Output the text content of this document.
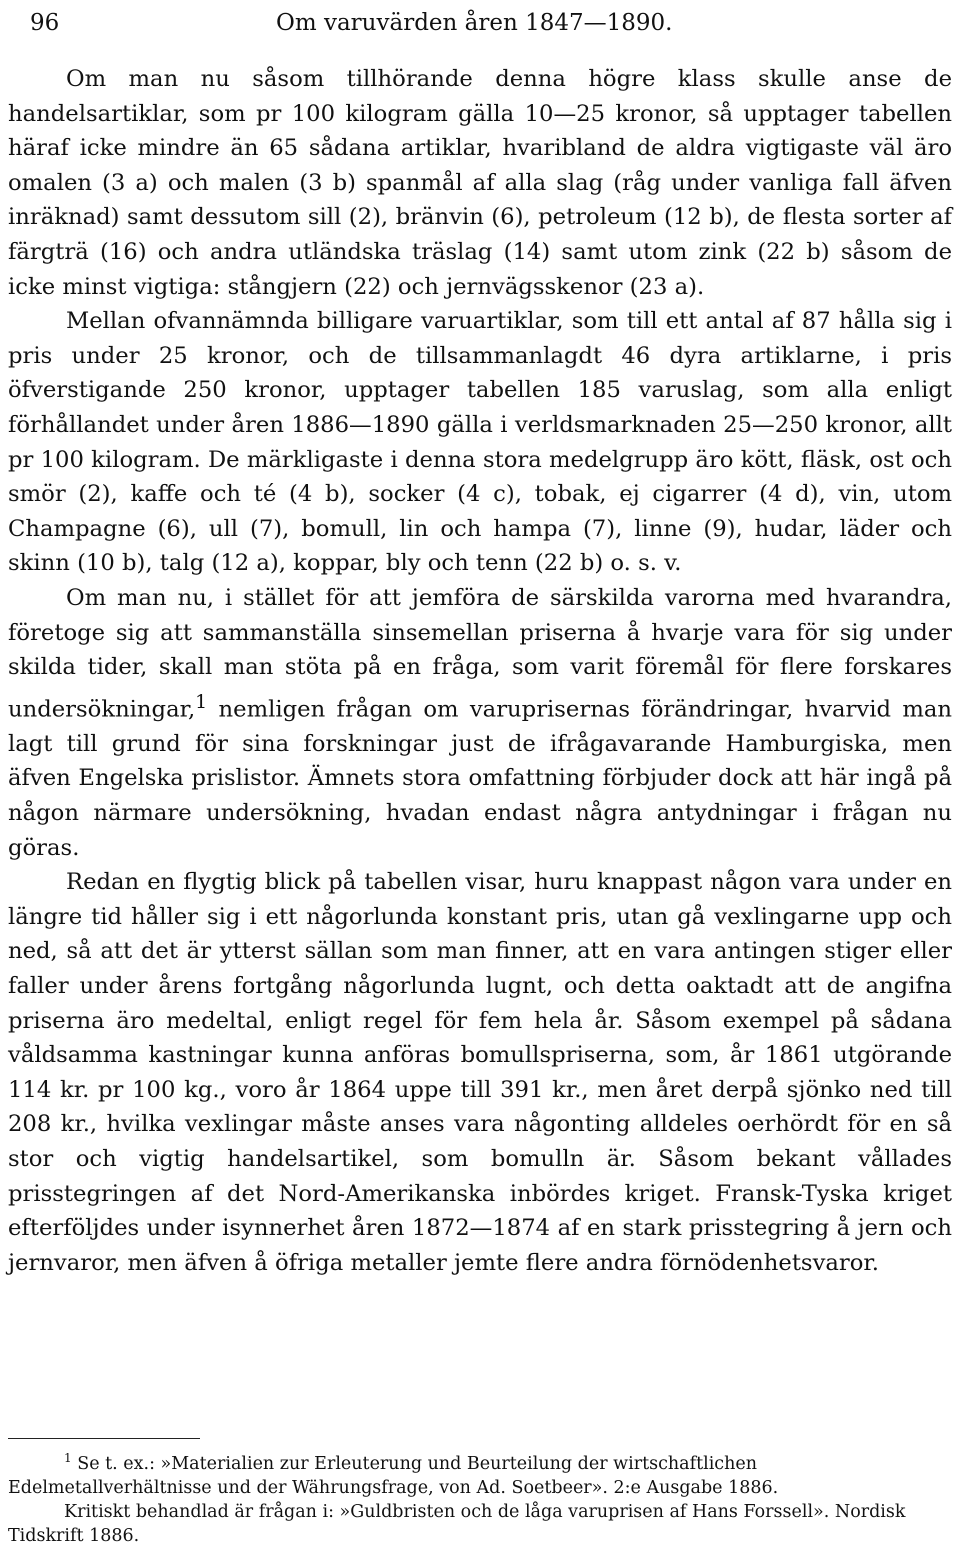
96	Om varuvärden åren 1847—1890.

Om man nu såsom tillhörande denna högre klass skulle anse de handelsartiklar, som pr 100 kilogram gälla 10—25 kronor, så upptager tabellen häraf icke mindre än 65 sådana artiklar, hvaribland de aldra vigtigaste väl äro omalen (3 a) och malen (3 b) spanmål af alla slag (råg under vanliga fall äfven inräknad) samt dessutom sill (2), bränvin (6), petroleum (12 b), de flesta sorter af färgträ (16) och andra utländska träslag (14) samt utom zink (22 b) såsom de icke minst vigtiga: stångjern (22) och jernvägsskenor (23 a).

Mellan ofvannämnda billigare varuartiklar, som till ett antal af 87 hålla sig i pris under 25 kronor, och de tillsammanlagdt 46 dyra artiklarne, i pris öfverstigande 250 kronor, upptager tabellen 185 varuslag, som alla enligt förhållandet under åren 1886—1890 gälla i verldsmarknaden 25—250 kronor, allt pr 100 kilogram. De märkligaste i denna stora medelgrupp äro kött, fläsk, ost och smör (2), kaffe och té (4 b), socker (4 c), tobak, ej cigarrer (4 d), vin, utom Champagne (6), ull (7), bomull, lin och hampa (7), linne (9), hudar, läder och skinn (10 b), talg (12 a), koppar, bly och tenn (22 b) o. s. v.

Om man nu, i stället för att jemföra de särskilda varorna med hvarandra, företoge sig att sammanställa sinsemellan priserna å hvarje vara för sig under skilda tider, skall man stöta på en fråga, som varit föremål för flere forskares undersökningar,$^1$ nemligen frågan om varuprisernas förändringar, hvarvid man lagt till grund för sina forskningar just de ifrågavarande Hamburgiska, men äfven Engelska prislistor. Ämnets stora omfattning förbjuder dock att här ingå på någon närmare undersökning, hvadan endast några antydningar i frågan nu göras.

Redan en flygtig blick på tabellen visar, huru knappast någon vara under en längre tid håller sig i ett någorlunda konstant pris, utan gå vexlingarne upp och ned, så att det är ytterst sällan som man finner, att en vara antingen stiger eller faller under årens fortgång någorlunda lugnt, och detta oaktadt att de angifna priserna äro medeltal, enligt regel för fem hela år. Såsom exempel på sådana våldsamma kastningar kunna anföras bomullspriserna, som, år 1861 utgörande 114 kr. pr 100 kg., voro år 1864 uppe till 391 kr., men året derpå sjönko ned till 208 kr., hvilka vexlingar måste anses vara någonting alldeles oerhördt för en så stor och vigtig handelsartikel, som bomulln är. Såsom bekant vållades prisstegringen af det Nord-Amerikanska inbördes kriget. Fransk-Tyska kriget efterföljdes under isynnerhet åren 1872—1874 af en stark prisstegring å jern och jernvaror, men äfven å öfriga metaller jemte flere andra förnödenhetsvaror.

$^1$ Se t. ex.: »Materialien zur Erleuterung und Beurteilung der wirtschaftlichen Edelmetallverhältnisse und der Währungsfrage, von Ad. Soetbeer». 2:e Ausgabe 1886.

Kritiskt behandlad är frågan i: »Guldbristen och de låga varuprisen af Hans Forssell». Nordisk Tidskrift 1886.
